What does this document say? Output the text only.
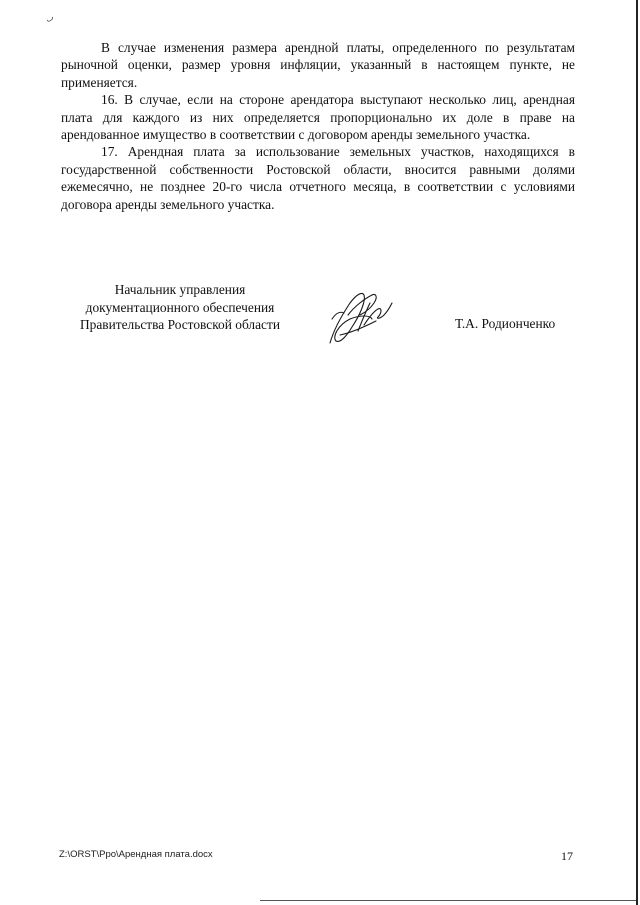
ٮ

В случае изменения размера арендной платы, определенного по результатам рыночной оценки, размер уровня инфляции, указанный в настоящем пункте, не применяется.

16. В случае, если на стороне арендатора выступают несколько лиц, арендная плата для каждого из них определяется пропорционально их доле в праве на арендованное имущество в соответствии с договором аренды земельного участка.

17. Арендная плата за использование земельных участков, находящихся в государственной собственности Ростовской области, вносится равными долями ежемесячно, не позднее 20-го числа отчетного месяца, в соответствии с условиями договора аренды земельного участка.

Начальник управления
документационного обеспечения
Правительства Ростовской области	Т.А. Родионченко
Z:\ORST\Ppo\Арендная плата.docx	17
